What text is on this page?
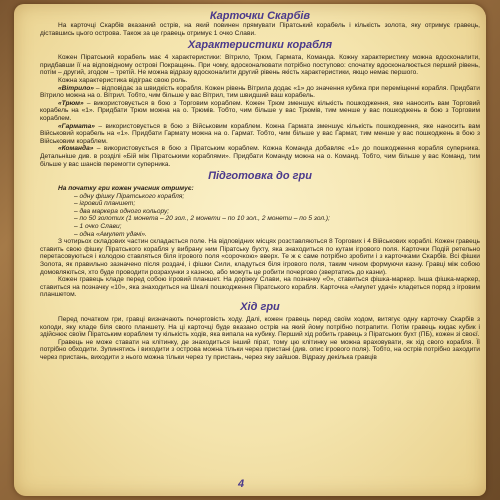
Карточки Скарбів

На карточці Скарбів вказаний острів, на який повинен прямувати Піратський корабель і кількість золота, яку отримує гравець, діставшись цього острова. Також за це гравець отримує 1 очко Слави.

Характеристики корабля

Кожен Піратський корабель має 4 характеристики: Вітрило, Трюм, Гармата, Команда. Кожну характеристику можна вдосконалити, придбавши її на відповідному острові Покращень. При чому, вдосконалювати потрібно поступово: спочатку вдосконалюється перший рівень, потім – другий, згодом – третій. Не можна відразу вдосконалити другий рівень якість характеристики, якщо немає першого.

Кожна характеристика відіграє свою роль.

«Вітрило» – відповідає за швидкість корабля. Кожен рівень Вітрила додає «1» до значення кубика при переміщенні корабля. Придбати Вітрило можна на о. Вітрил. Тобто, чим більше у вас Вітрил, тим швидший ваш корабель.

«Трюм» – використовується в бою з Торговим кораблем. Кожен Трюм зменшує кількість пошкодження, яке наносить вам Торговий корабель на «1». Придбати Трюм можна на о. Трюмів. Тобто, чим більше у вас Трюмів, тим менше у вас пошкоджень в бою з Торговим кораблем.

«Гармата» – використовується в бою з Військовим кораблем. Кожна Гармата зменшує кількість пошкодження, яке наносить вам Військовий корабель на «1». Придбати Гармату можна на о. Гармат. Тобто, чим більше у вас Гармат, тим менше у вас пошкоджень в бою з Військовим кораблем.

«Команда» – використовується в бою з Піратським кораблем. Кожна Команда добавляє «1» до пошкодження корабля суперника. Детальніше див. в розділі «Бій між Піратськими кораблями». Придбати Команду можна на о. Команд. Тобто, чим більше у вас Команд, тим більше у вас шансів перемогти суперника.

Підготовка до гри

На початку гри кожен учасник отримує:

– одну фішку Піратського корабля;
– ігровий планшет;
– два маркера одного кольору;
– по 50 золотих (1 монета – 20 зол., 2 монети – по 10 зол., 2 монети – по 5 зол.);
– 1 очко Слави;
– одна «Амулет удачі».

З чотирьох складових частин складається поле. На відповідних місцях розставляються 8 Торгових і 4 Військових кораблі. Кожен гравець ставить свою фішку Піратського корабля у вибрану ним Піратську бухту, яка знаходиться по кутам ігрового поля. Карточки Подій ретельно перетасовуються і колодою ставляться біля ігрового поля «сорочкою» вверх. Те ж є саме потрібно зробити і з карточками Скарбів. Всі фішки Золота, як правильно зазначено після роздачі, і фішки Сили, кладуться біля ігрового поля, таким чином формуючи казну. Гравці між собою домовляються, хто буде проводити розрахунки з казною, або можуть це робити почергово (звертатись до казни).

Кожен гравець кладе перед собою ігровий планшет. На доріжку Слави, на позначку «0», ставиться фішка-маркер. Інша фішка-маркер, ставиться на позначку «10», яка знаходиться на Шкалі пошкодження Піратського корабля. Карточка «Амулет удачі» кладеться поряд з ігровим планшетом.

Хід гри

Перед початком гри, гравці визначають почерговість ходу. Далі, кожен гравець перед своїм ходом, витягує одну карточку Скарбів з колоди, яку кладе біля свого планшету. На ці карточці буде вказано острів на який йому потрібно потрапити. Потім гравець кидає кубик і здійснює своїм Піратським кораблем ту кількість ходів, яка випала на кубику. Перший хід робить гравець з Піратських бухт (ПБ), кожен зі своєї.

Гравець не може ставати на клітинку, де знаходиться інший пірат, тому цю клітинку не можна враховувати, як хід свого корабля. Її потрібно обходити. Зупинятись і виходити з острова можна тільки через пристані (див. опис ігрового поля). Тобто, на острів потрібно заходити через пристань, виходити з нього можна тільки через ту пристань, через яку зайшов. Відразу декілька гравців

4
